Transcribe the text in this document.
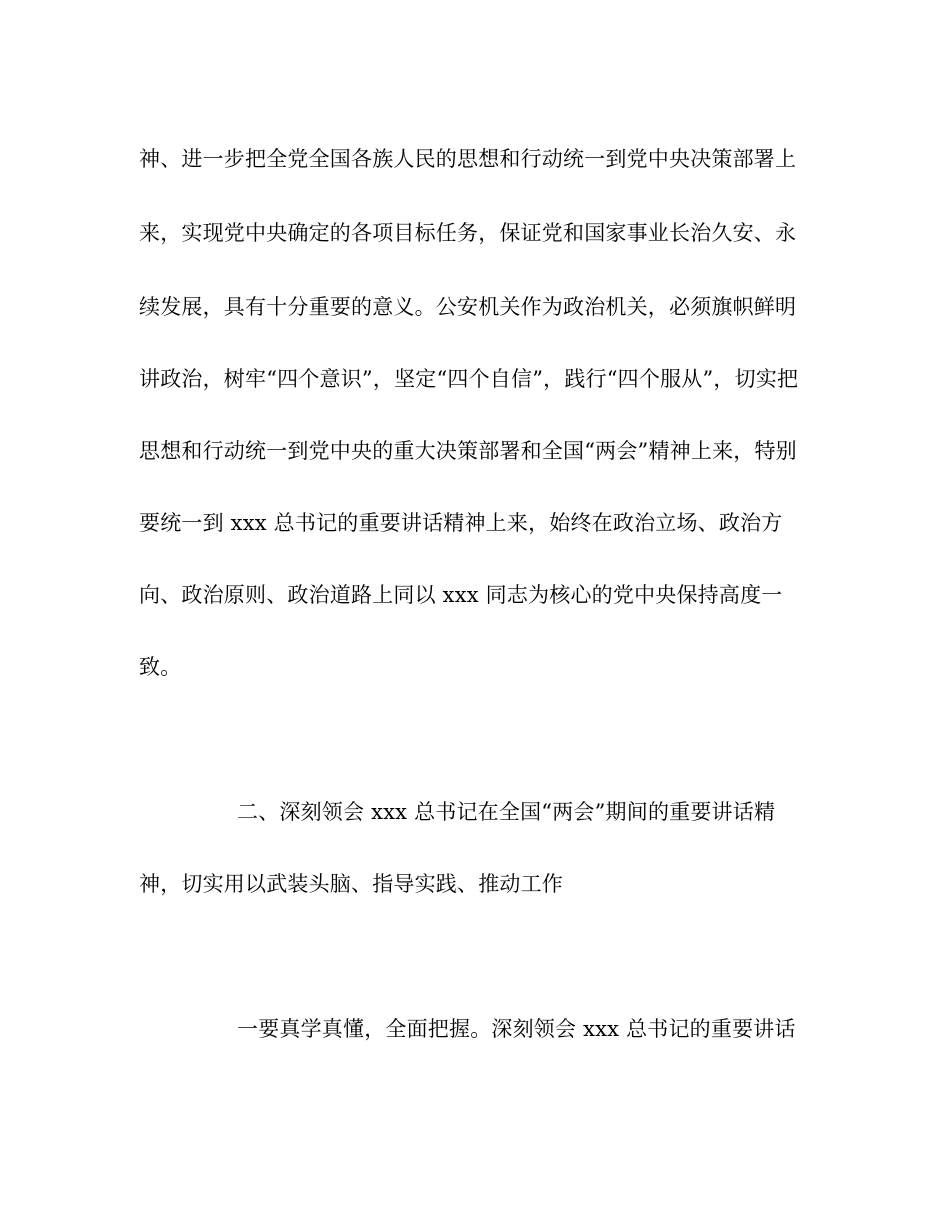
神、进一步把全党全国各族人民的思想和行动统一到党中央决策部署上
来，实现党中央确定的各项目标任务，保证党和国家事业长治久安、永
续发展，具有十分重要的意义。公安机关作为政治机关，必须旗帜鲜明
讲政治，树牢“四个意识”，坚定“四个自信”，践行“四个服从”，切实把
思想和行动统一到党中央的重大决策部署和全国“两会”精神上来，特别
要统一到 xxx 总书记的重要讲话精神上来，始终在政治立场、政治方
向、政治原则、政治道路上同以 xxx 同志为核心的党中央保持高度一
致。
二、深刻领会 xxx 总书记在全国“两会”期间的重要讲话精
神，切实用以武装头脑、指导实践、推动工作
一要真学真懂，全面把握。深刻领会 xxx 总书记的重要讲话
